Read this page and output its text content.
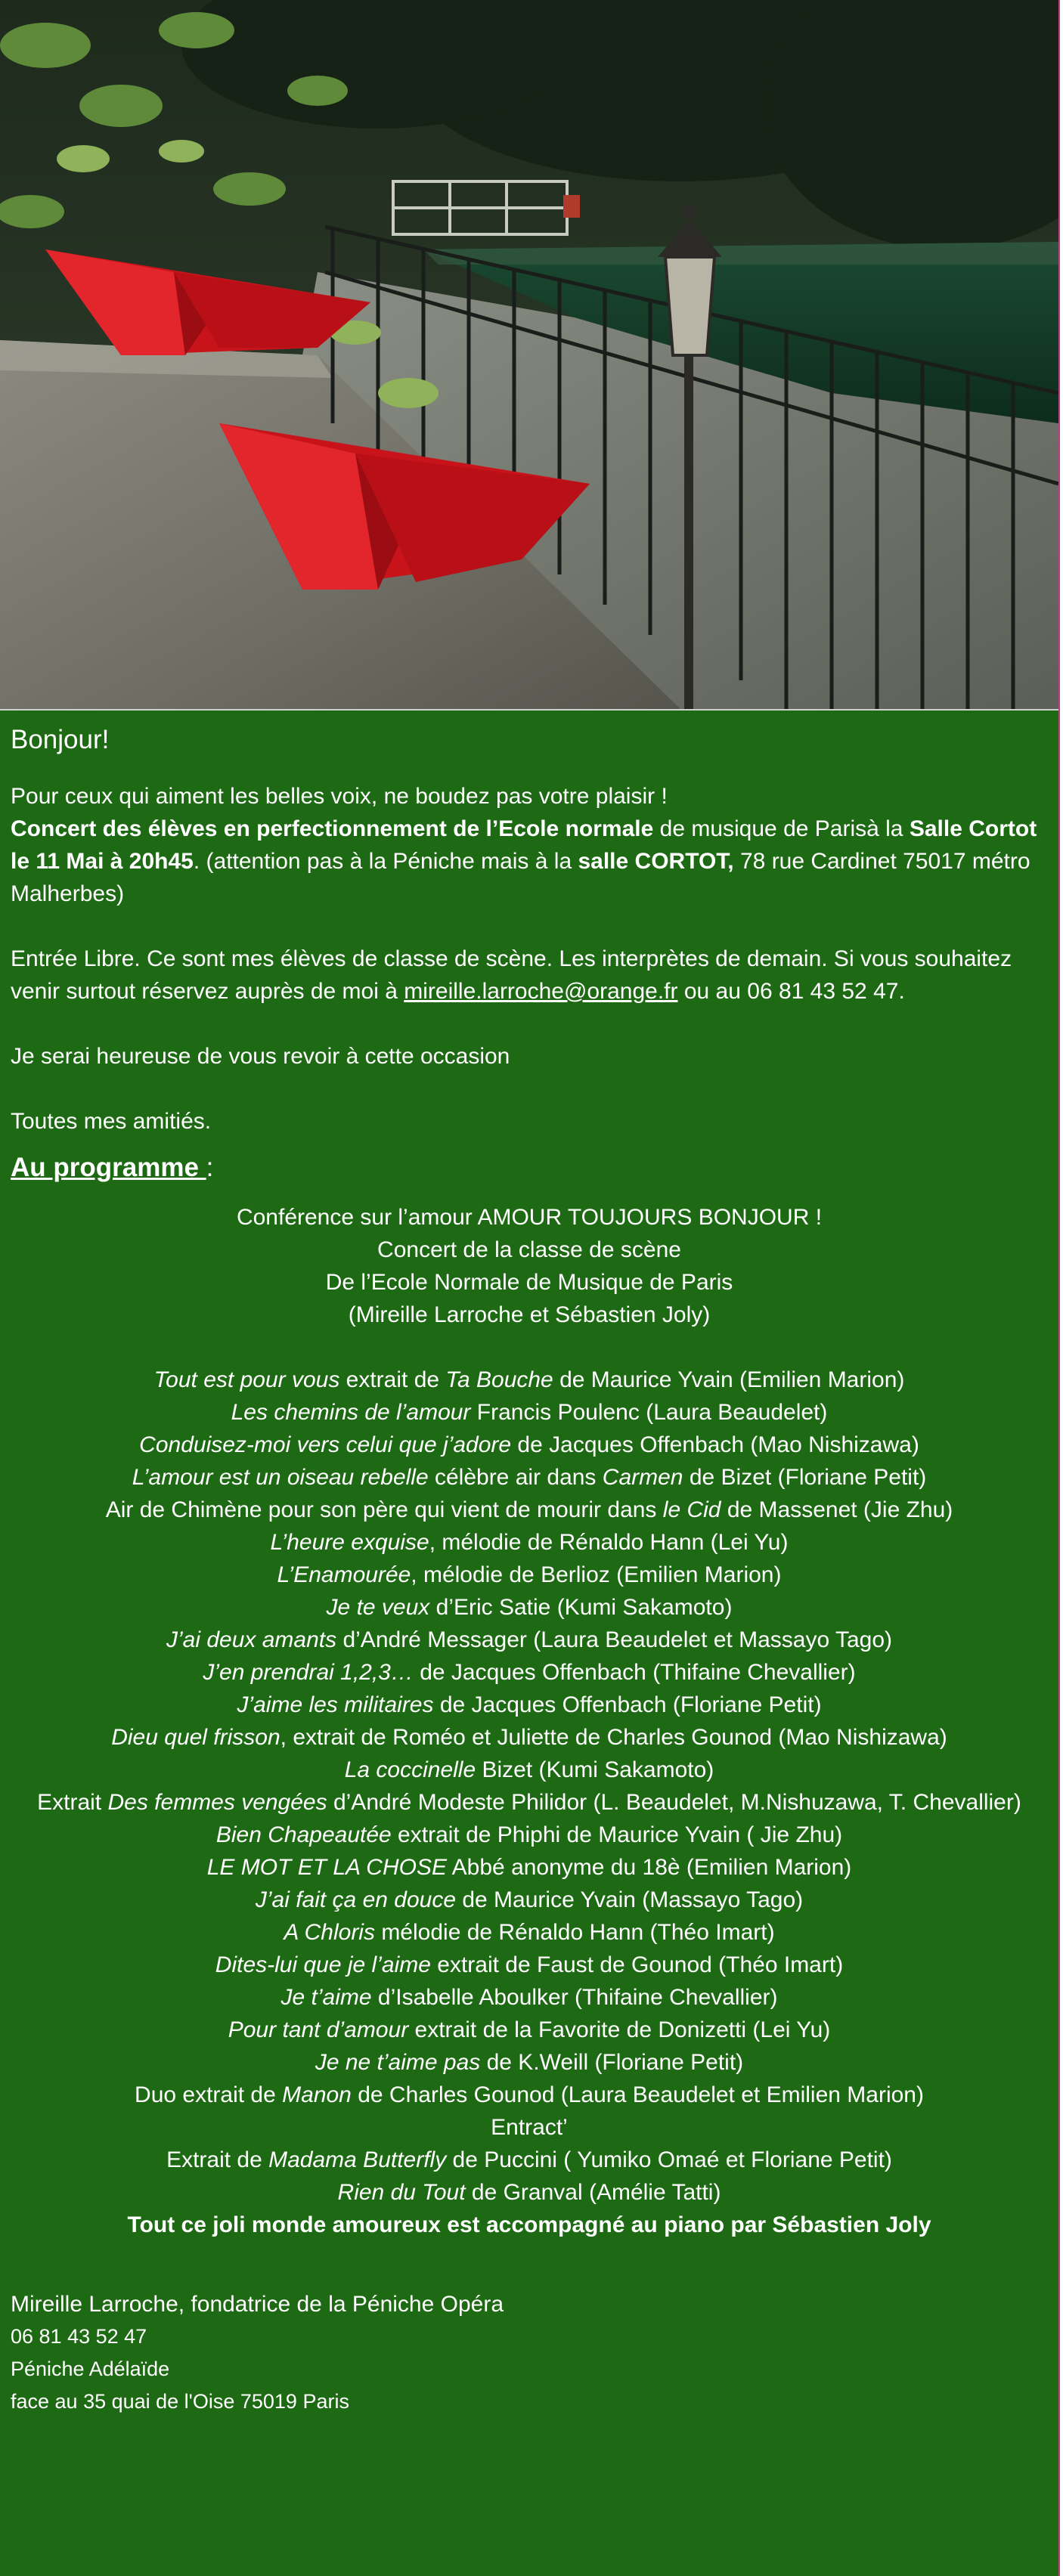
Bonjour!

Pour ceux qui aiment les belles voix, ne boudez pas votre plaisir !

Concert des élèves en perfectionnement de l’Ecole normale de musique de Parisà la Salle Cortot le 11 Mai à 20h45. (attention pas à la Péniche mais à la salle CORTOT, 78 rue Cardinet 75017 métro Malherbes)

Entrée Libre. Ce sont mes élèves de classe de scène. Les interprètes de demain. Si vous souhaitez venir surtout réservez auprès de moi à mireille.larroche@orange.fr ou au 06 81 43 52 47.

Je serai heureuse de vous revoir à cette occasion

Toutes mes amitiés.

Au programme :

Conférence sur l’amour AMOUR TOUJOURS BONJOUR !

Concert de la classe de scène

De l’Ecole Normale de Musique de Paris

(Mireille Larroche et Sébastien Joly)

Tout est pour vous extrait de Ta Bouche de Maurice Yvain (Emilien Marion)

Les chemins de l’amour Francis Poulenc (Laura Beaudelet)

Conduisez-moi vers celui que j’adore de Jacques Offenbach (Mao Nishizawa)

L’amour est un oiseau rebelle célèbre air dans Carmen de Bizet (Floriane Petit)

Air de Chimène pour son père qui vient de mourir dans le Cid de Massenet (Jie Zhu)

L’heure exquise, mélodie de Rénaldo Hann (Lei Yu)

L’Enamourée, mélodie de Berlioz (Emilien Marion)

Je te veux d’Eric Satie (Kumi Sakamoto)

J’ai deux amants d’André Messager (Laura Beaudelet et Massayo Tago)

J’en prendrai 1,2,3… de Jacques Offenbach (Thifaine Chevallier)

J’aime les militaires de Jacques Offenbach (Floriane Petit)

Dieu quel frisson, extrait de Roméo et Juliette de Charles Gounod (Mao Nishizawa)

La coccinelle Bizet (Kumi Sakamoto)

Extrait Des femmes vengées d’André Modeste Philidor (L. Beaudelet, M.Nishuzawa, T. Chevallier)

Bien Chapeautée extrait de Phiphi de Maurice Yvain ( Jie Zhu)

LE MOT ET LA CHOSE Abbé anonyme du 18è (Emilien Marion)

J’ai fait ça en douce de Maurice Yvain (Massayo Tago)

A Chloris mélodie de Rénaldo Hann (Théo Imart)

Dites-lui que je l’aime extrait de Faust de Gounod (Théo Imart)

Je t’aime d’Isabelle Aboulker (Thifaine Chevallier)

Pour tant d’amour extrait de la Favorite de Donizetti (Lei Yu)

Je ne t’aime pas de K.Weill (Floriane Petit)

Duo extrait de Manon de Charles Gounod (Laura Beaudelet et Emilien Marion)

Entract’

Extrait de Madama Butterfly de Puccini ( Yumiko Omaé et Floriane Petit)

Rien du Tout de Granval (Amélie Tatti)

Tout ce joli monde amoureux est accompagné au piano par Sébastien Joly

Mireille Larroche, fondatrice de la Péniche Opéra

06 81 43 52 47

Péniche Adélaïde

face au 35 quai de l'Oise 75019 Paris
